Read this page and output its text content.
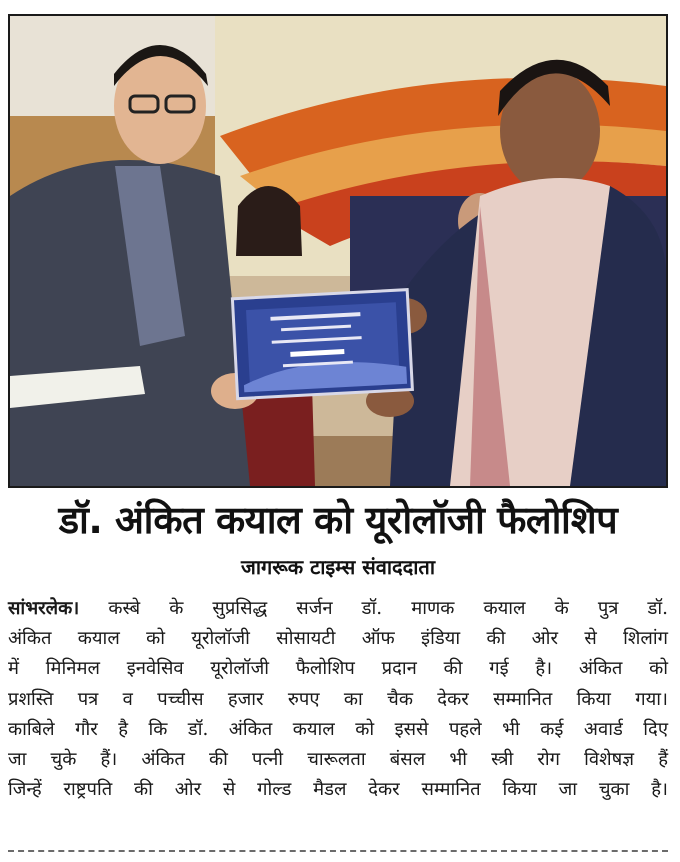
डॉ. अंकित कयाल को यूरोलॉजी फैलोशिप
जागरूक टाइम्स संवाददाता
सांभरलेक। कस्बे के सुप्रसिद्ध सर्जन डॉ. माणक कयाल के पुत्र डॉ.
अंकित कयाल को यूरोलॉजी सोसायटी ऑफ इंडिया की ओर से शिलांग
में मिनिमल इनवेसिव यूरोलॉजी फैलोशिप प्रदान की गई है। अंकित को
प्रशस्ति पत्र व पच्चीस हजार रुपए का चैक देकर सम्मानित किया गया।
काबिले गौर है कि डॉ. अंकित कयाल को इससे पहले भी कई अवार्ड दिए
जा चुके हैं। अंकित की पत्नी चारूलता बंसल भी स्त्री रोग विशेषज्ञ हैं
जिन्हें राष्ट्रपति की ओर से गोल्ड मैडल देकर सम्मानित किया जा चुका है।
